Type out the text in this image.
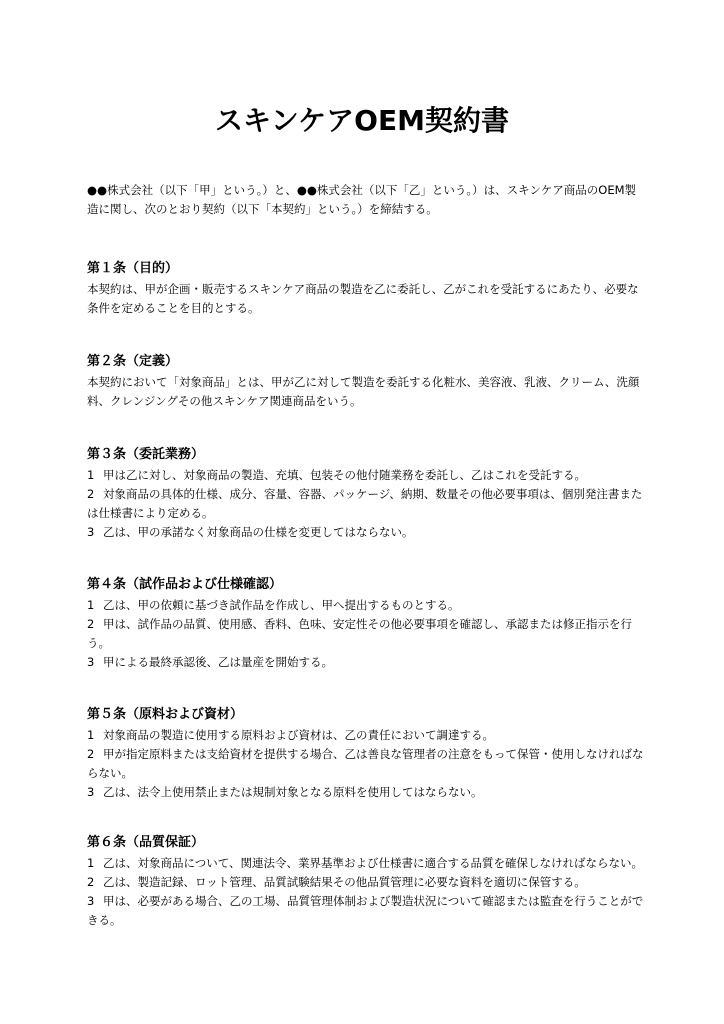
スキンケアOEM契約書

●●株式会社（以下「甲」という。）と、●●株式会社（以下「乙」という。）は、スキンケア商品のOEM製造に関し、次のとおり契約（以下「本契約」という。）を締結する。

第１条（目的）

本契約は、甲が企画・販売するスキンケア商品の製造を乙に委託し、乙がこれを受託するにあたり、必要な条件を定めることを目的とする。

第２条（定義）

本契約において「対象商品」とは、甲が乙に対して製造を委託する化粧水、美容液、乳液、クリーム、洗顔料、クレンジングその他スキンケア関連商品をいう。

第３条（委託業務）

1 甲は乙に対し、対象商品の製造、充填、包装その他付随業務を委託し、乙はこれを受託する。

2 対象商品の具体的仕様、成分、容量、容器、パッケージ、納期、数量その他必要事項は、個別発注書または仕様書により定める。

3 乙は、甲の承諾なく対象商品の仕様を変更してはならない。

第４条（試作品および仕様確認）

1 乙は、甲の依頼に基づき試作品を作成し、甲へ提出するものとする。

2 甲は、試作品の品質、使用感、香料、色味、安定性その他必要事項を確認し、承認または修正指示を行う。

3 甲による最終承認後、乙は量産を開始する。

第５条（原料および資材）

1 対象商品の製造に使用する原料および資材は、乙の責任において調達する。

2 甲が指定原料または支給資材を提供する場合、乙は善良な管理者の注意をもって保管・使用しなければならない。

3 乙は、法令上使用禁止または規制対象となる原料を使用してはならない。

第６条（品質保証）

1 乙は、対象商品について、関連法令、業界基準および仕様書に適合する品質を確保しなければならない。

2 乙は、製造記録、ロット管理、品質試験結果その他品質管理に必要な資料を適切に保管する。

3 甲は、必要がある場合、乙の工場、品質管理体制および製造状況について確認または監査を行うことができる。
